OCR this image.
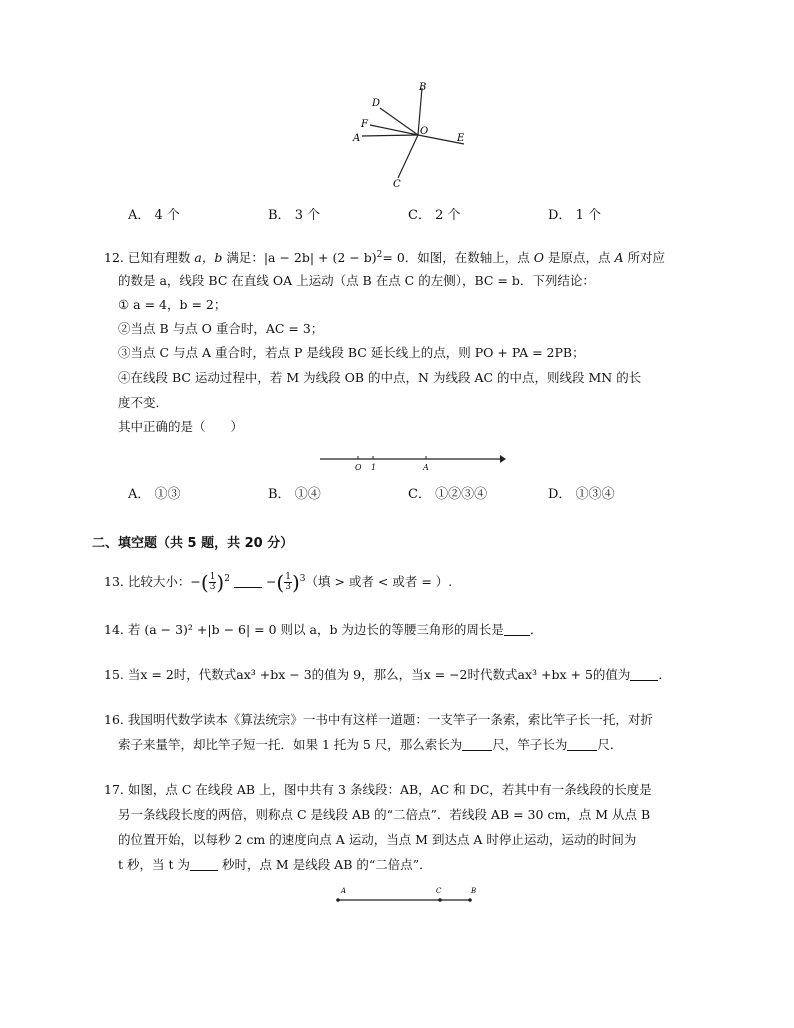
B
D
F
A
O
E
C
A． 4 个	B． 3 个	C． 2 个	D． 1 个
12. 已知有理数 a，b 满足：$|a - 2b| + (2 - b)^2= 0$．如图，在数轴上，点 O 是原点，点 A 所对应
的数是 a，线段 BC 在直线 OA 上运动（点 B 在点 C 的左侧），BC = b．下列结论：
① a = 4，b = 2；
②当点 B 与点 O 重合时，AC = 3；
③当点 C 与点 A 重合时，若点 P 是线段 BC 延长线上的点，则 PO + PA = 2PB；
④在线段 BC 运动过程中，若 M 为线段 OB 的中点，N 为线段 AC 的中点，则线段 MN 的长
度不变．
其中正确的是（　　）
O 1	A
A． ①③	B． ①④	C． ①②③④	D． ①③④
二、填空题（共 5 题，共 20 分）
13. 比较大小：−( $\frac{1}{3} )^2$	−( $\frac{1}{3} )^3$（填 > 或者 < 或者 = ）.
14. 若 (a − 3)² +|b − 6| = 0 则以 a，b 为边长的等腰三角形的周长是 ．
15. 当x = 2时，代数式ax³ +bx − 3的值为 9，那么，当x = −2时代数式ax³ +bx + 5的值为 ．
16. 我国明代数学读本《算法统宗》一书中有这样一道题：一支竿子一条索，索比竿子长一托，对折
索子来量竿，却比竿子短一托．如果 1 托为 5 尺，那么索长为 尺，竿子长为 尺．
17. 如图，点 C 在线段 AB 上，图中共有 3 条线段：AB，AC 和 DC，若其中有一条线段的长度是
另一条线段长度的两倍，则称点 C 是线段 AB 的“二倍点”．若线段 AB = 30 cm，点 M 从点 B
的位置开始，以每秒 2 cm 的速度向点 A 运动，当点 M 到达点 A 时停止运动，运动的时间为
t 秒，当 t 为	秒时，点 M 是线段 AB 的“二倍点”．
A	C	B
